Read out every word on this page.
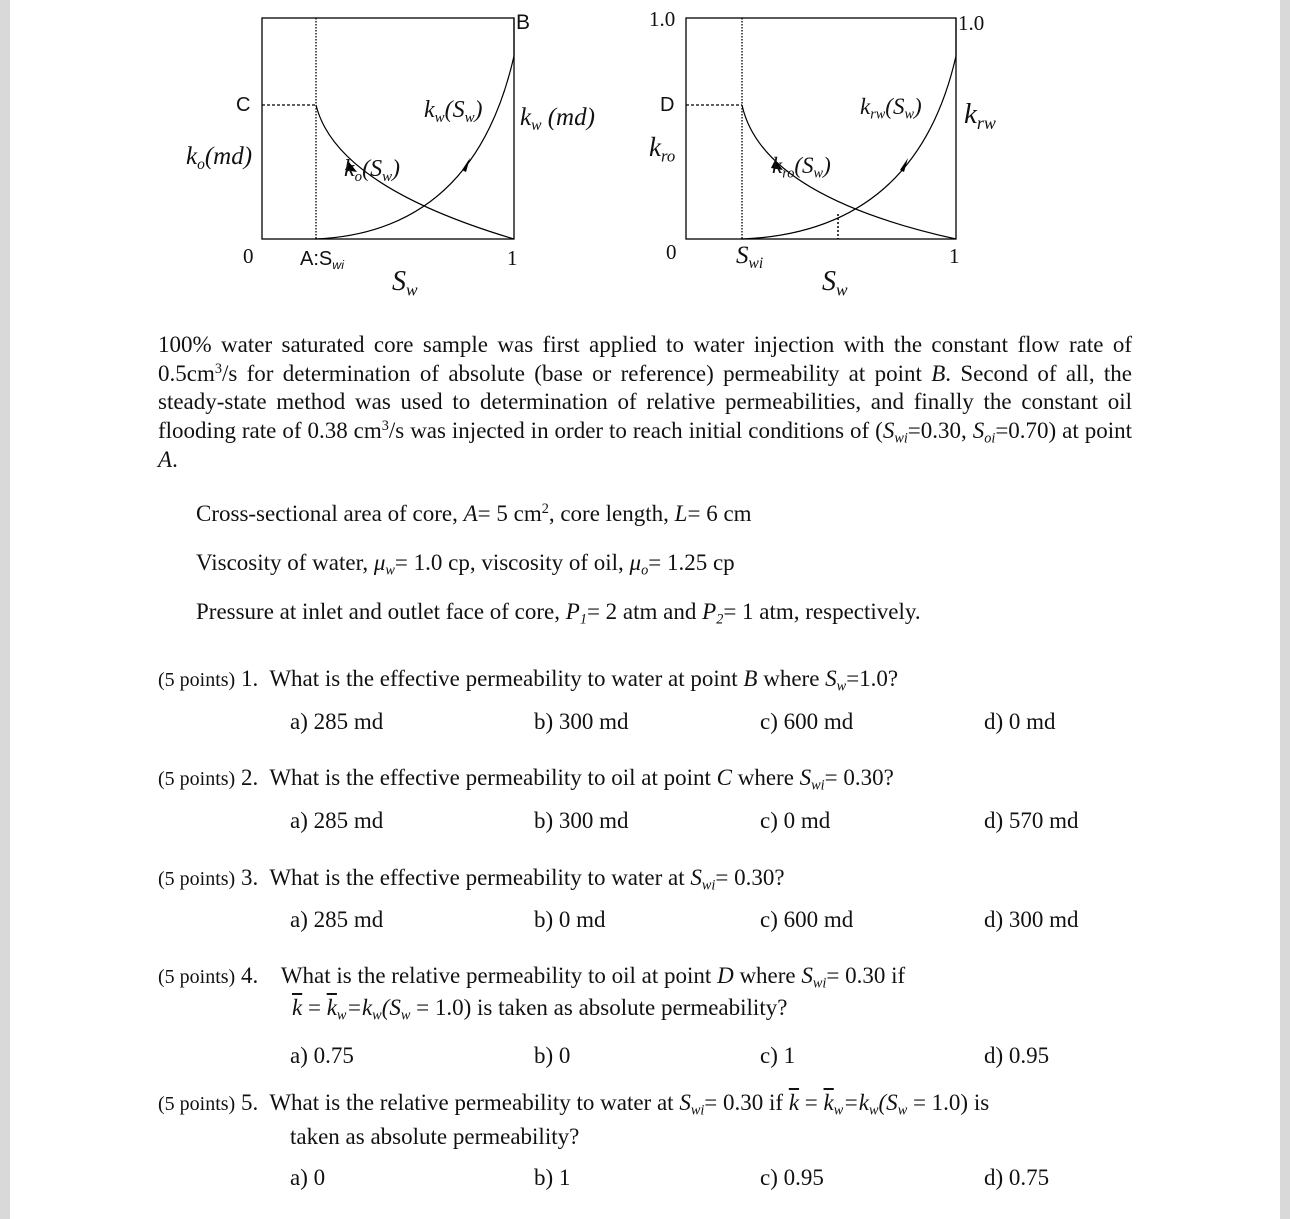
B
C
$k_o(md)$
$k_w$ (md)
$k_w(S_w)$
$k_o(S_w)$
0	1
$A:S_{wi}$
$S_w$
1.0	1.0
D
$k_{ro}$
$k_{rw}$
$k_{rw}(S_w)$
$k_{ro}(S_w)$
0	1
$S_{wi}$
$S_w$
100% water saturated core sample was first applied to water injection with the constant flow rate of $0.5cm^3/s$ for determination of absolute (base or reference) permeability at point B. Second of all, the steady-state method was used to determination of relative permeabilities, and finally the constant oil flooding rate of 0.38 $cm^3/s$ was injected in order to reach initial conditions of ($S_{wi}=0.30$, $S_{oi}=0.70$) at point A.
Cross-sectional area of core, A= 5 $cm^2$, core length, L= 6 cm
Viscosity of water, $\mu_w= 1.0$ cp, viscosity of oil, $\mu_o= 1.25$ cp
Pressure at inlet and outlet face of core, $P_1= 2$ atm and $P_2= 1$ atm, respectively.
(5 points) 1. What is the effective permeability to water at point B where $S_w=1.0$?
a) 285 md	b) 300 md	c) 600 md	d) 0 md
(5 points) 2. What is the effective permeability to oil at point C where $S_{wi}= 0.30$?
a) 285 md	b) 300 md	c) 0 md	d) 570 md
(5 points) 3. What is the effective permeability to water at $S_{wi}= 0.30$?
a) 285 md	b) 0 md	c) 600 md	d) 300 md
(5 points) 4. What is the relative permeability to oil at point D where $S_{wi}= 0.30$ if
$\overline{k} = \overline{k}_w=k_w(S_w = 1.0)$ is taken as absolute permeability?
a) 0.75	b) 0	c) 1	d) 0.95
(5 points) 5. What is the relative permeability to water at $S_{wi}= 0.30$ if $\overline{k} = \overline{k}_w=k_w(S_w = 1.0)$ is
taken as absolute permeability?
a) 0	b) 1	c) 0.95	d) 0.75
